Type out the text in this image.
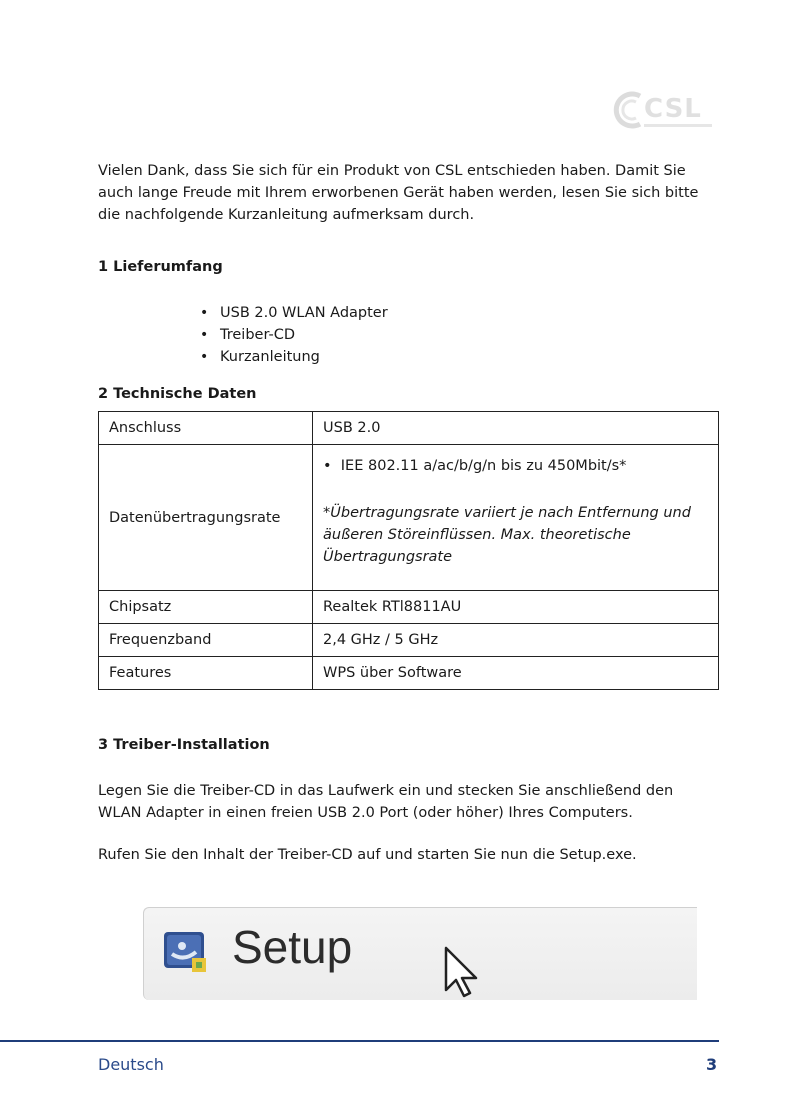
CSL

Vielen Dank, dass Sie sich für ein Produkt von CSL entschieden haben. Damit Sie auch lange Freude mit Ihrem erworbenen Gerät haben werden, lesen Sie sich bitte die nachfolgende Kurzanleitung aufmerksam durch.

1 Lieferumfang
• USB 2.0 WLAN Adapter
• Treiber-CD
• Kurzanleitung
2 Technische Daten
Anschluss	USB 2.0
Datenübertragungsrate	•  IEE 802.11 a/ac/b/g/n bis zu 450Mbit/s*
*Übertragungsrate variiert je nach Entfernung und äußeren Störeinflüssen. Max. theoretische Übertragungsrate

Chipsatz	Realtek RTl8811AU
Frequenzband	2,4 GHz / 5 GHz
Features	WPS über Software
3 Treiber-Installation

Legen Sie die Treiber-CD in das Laufwerk ein und stecken Sie anschließend den WLAN Adapter in einen freien USB 2.0 Port (oder höher) Ihres Computers.

Rufen Sie den Inhalt der Treiber-CD auf und starten Sie nun die Setup.exe.

Setup
Deutsch	3
